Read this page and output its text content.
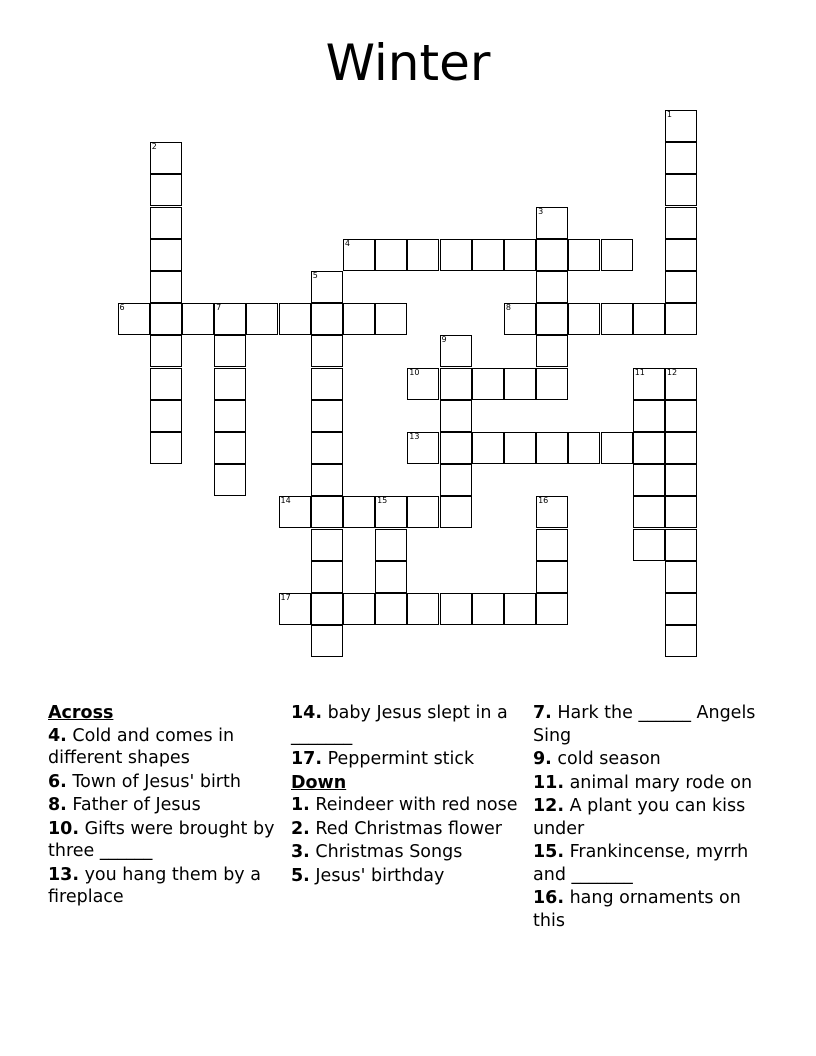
Winter
4
6	7	8
10
13
14	15
17
1
2
3
5
9
11	12
16
Across
4. Cold and comes in different shapes
6. Town of Jesus' birth
8. Father of Jesus
10. Gifts were brought by three ______
13. you hang them by a fireplace
14. baby Jesus slept in a _______
17. Peppermint stick
Down
1. Reindeer with red nose
2. Red Christmas flower
3. Christmas Songs
5. Jesus' birthday
7. Hark the ______ Angels Sing
9. cold season
11. animal mary rode on
12. A plant you can kiss under
15. Frankincense, myrrh and _______
16. hang ornaments on this
